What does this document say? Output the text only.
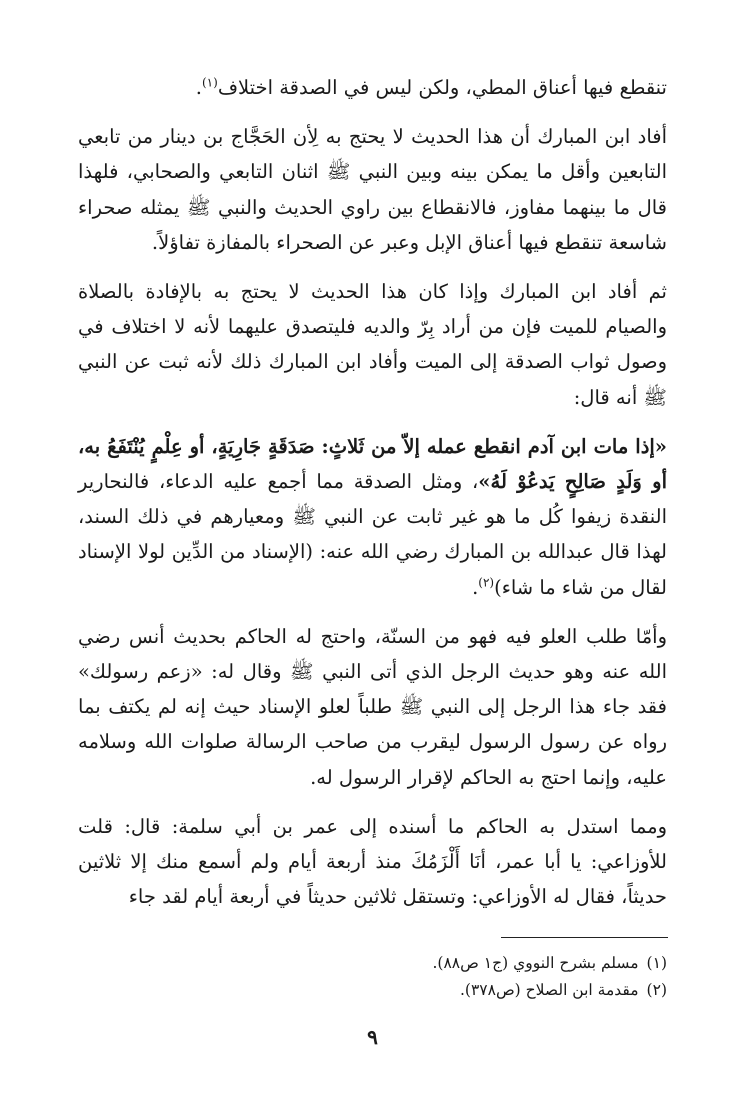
تنقطع فيها أعناق المطي، ولكن ليس في الصدقة اختلاف$^{(١)}$.

أفاد ابن المبارك أن هذا الحديث لا يحتج به لِأن الحَجَّاج بن دينار من تابعي التابعين وأقل ما يمكن بينه وبين النبي ﷺ اثنان التابعي والصحابي، فلهذا قال ما بينهما مفاوز، فالانقطاع بين راوي الحديث والنبي ﷺ يمثله صحراء شاسعة تنقطع فيها أعناق الإبل وعبر عن الصحراء بالمفازة تفاؤلاً.

ثم أفاد ابن المبارك وإذا كان هذا الحديث لا يحتج به بالإفادة بالصلاة والصيام للميت فإن من أراد بِرّ والديه فليتصدق عليهما لأنه لا اختلاف في وصول ثواب الصدقة إلى الميت وأفاد ابن المبارك ذلك لأنه ثبت عن النبي ﷺ أنه قال:

«إذا مات ابن آدم انقطع عمله إلاّ من ثَلاثٍ: صَدَقَةٍ جَارِيَةٍ، أو عِلْمٍ يُنْتَفَعُ به، أو وَلَدٍ صَالِحٍ يَدعُوْ لَهُ»، ومثل الصدقة مما أجمع عليه الدعاء، فالنحارير النقدة زيفوا كُل ما هو غير ثابت عن النبي ﷺ ومعيارهم في ذلك السند، لهذا قال عبدالله بن المبارك رضي الله عنه: (الإسناد من الدِّين لولا الإسناد لقال من شاء ما شاء)$^{(٢)}$.

وأمّا طلب العلو فيه فهو من السنّة، واحتج له الحاكم بحديث أنس رضي الله عنه وهو حديث الرجل الذي أتى النبي ﷺ وقال له: «زعم رسولك» فقد جاء هذا الرجل إلى النبي ﷺ طلباً لعلو الإسناد حيث إنه لم يكتف بما رواه عن رسول الرسول ليقرب من صاحب الرسالة صلوات الله وسلامه عليه، وإنما احتج به الحاكم لإقرار الرسول له.

ومما استدل به الحاكم ما أسنده إلى عمر بن أبي سلمة: قال: قلت للأوزاعي: يا أبا عمر، أنَا أَلْزَمُكَ منذ أربعة أيام ولم أسمع منك إلا ثلاثين حديثاً، فقال له الأوزاعي: وتستقل ثلاثين حديثاً في أربعة أيام لقد جاء

(١)مسلم بشرح النووي (ج١ ص٨٨).
(٢)مقدمة ابن الصلاح (ص٣٧٨).
٩
